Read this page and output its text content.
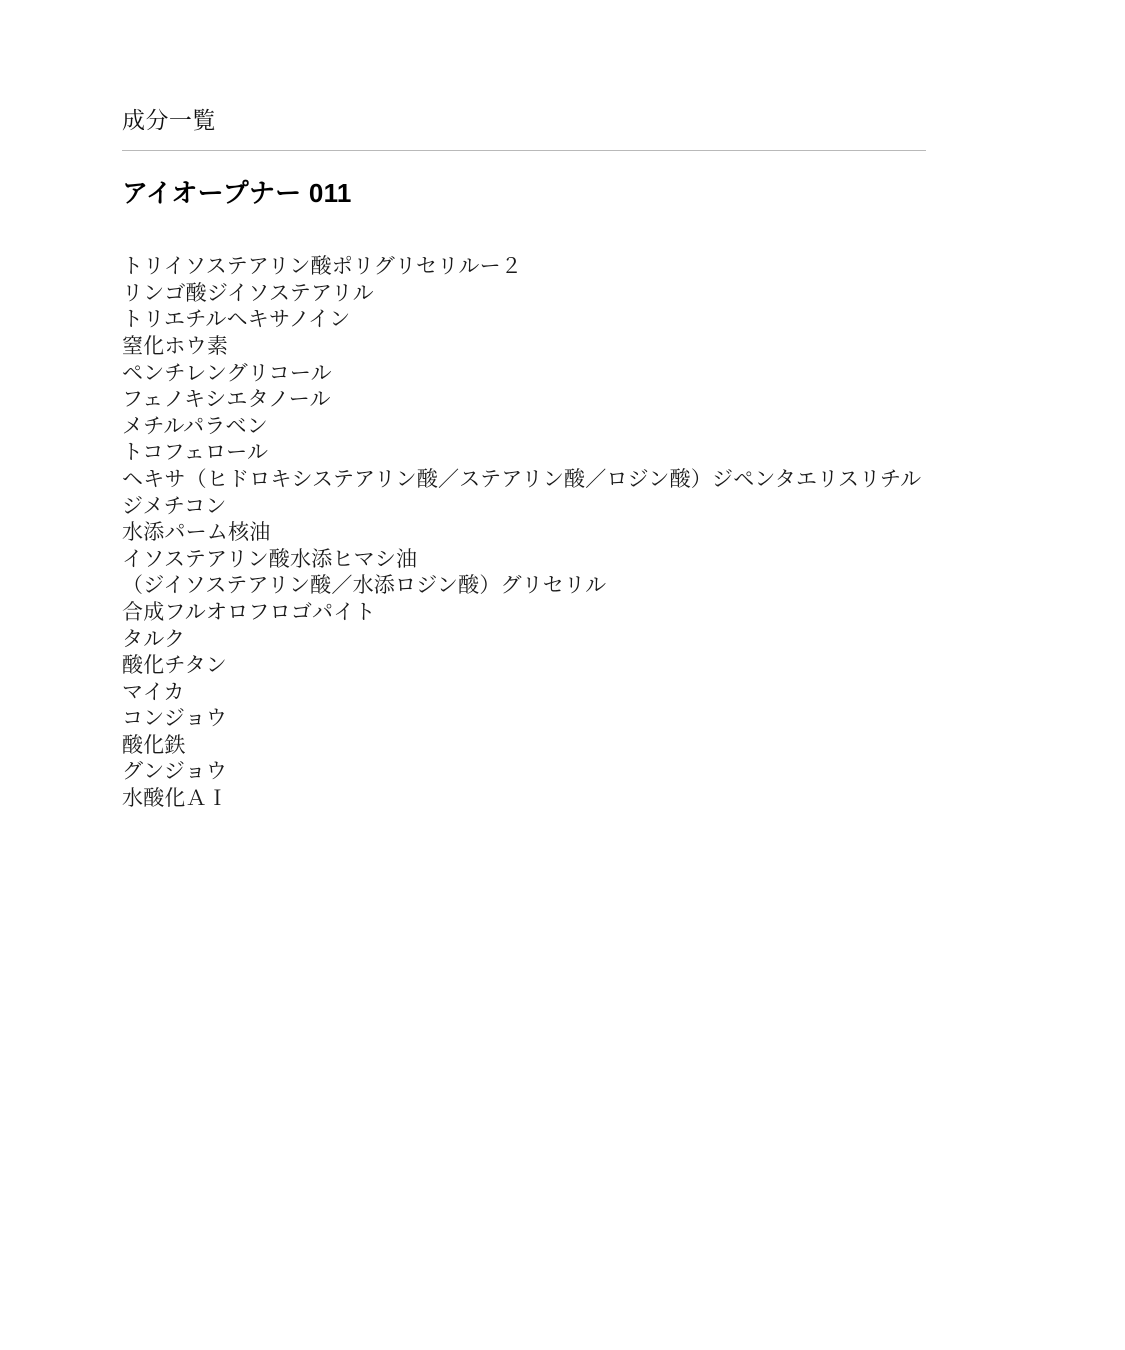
成分一覧
アイオープナー 011
トリイソステアリン酸ポリグリセリルー２
リンゴ酸ジイソステアリル
トリエチルヘキサノイン
窒化ホウ素
ペンチレングリコール
フェノキシエタノール
メチルパラベン
トコフェロール
ヘキサ（ヒドロキシステアリン酸／ステアリン酸／ロジン酸）ジペンタエリスリチル
ジメチコン
水添パーム核油
イソステアリン酸水添ヒマシ油
（ジイソステアリン酸／水添ロジン酸）グリセリル
合成フルオロフロゴパイト
タルク
酸化チタン
マイカ
コンジョウ
酸化鉄
グンジョウ
水酸化ＡＩ
